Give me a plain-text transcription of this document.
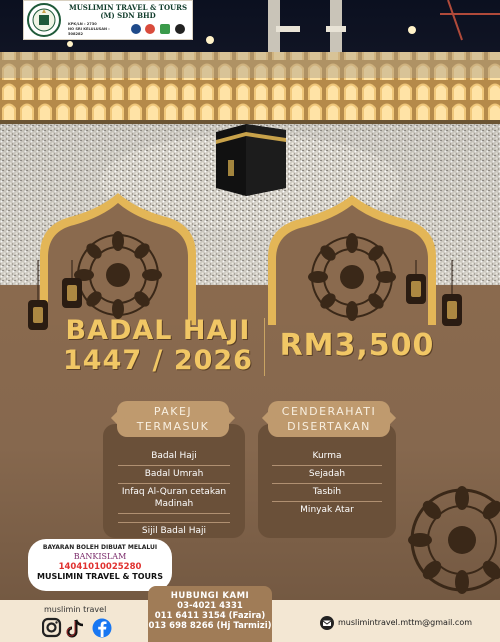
MUSLIMIN TRAVEL & TOURS (M) SDN BHD
KPK/LN : 2730
NO SRI KELULUSAN : 508282
BADAL HAJI
1447 / 2026 RM3,500
PAKEJ TERMASUK
CENDERAHATI DISERTAKAN
Badal Haji
Badal Umrah
Infaq Al-Quran cetakan Madinah
Sijil Badal Haji
Kurma
Sejadah
Tasbih
Minyak Atar
BAYARAN BOLEH DIBUAT MELALUI
BANKISLAM
14041010025280
MUSLIMIN TRAVEL & TOURS
muslimin travel
HUBUNGI KAMI
03-4021 4331
011 6411 3154 (Fazira)
013 698 8266 (Hj Tarmizi)	muslimintravel.mttm@gmail.com
